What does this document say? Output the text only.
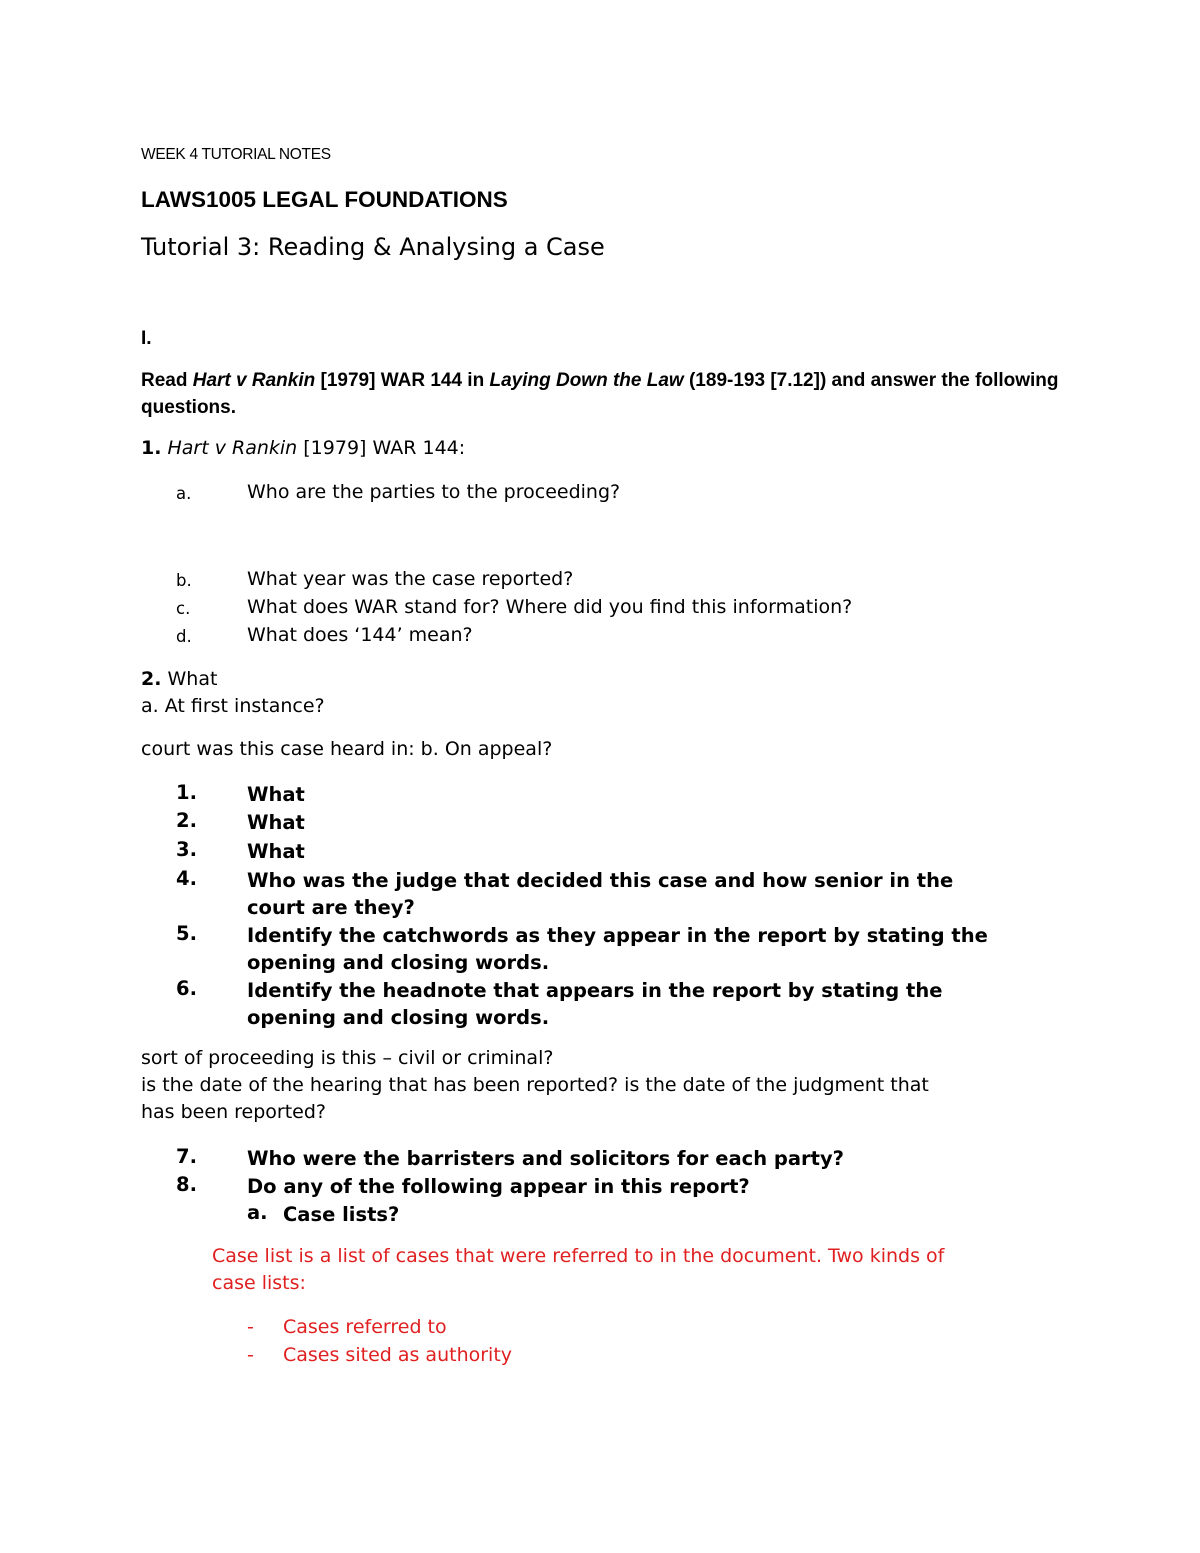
WEEK 4 TUTORIAL NOTES
LAWS1005 LEGAL FOUNDATIONS
Tutorial 3: Reading & Analysing a Case
I.
Read Hart v Rankin [1979] WAR 144 in Laying Down the Law (189-193 [7.12]) and answer the following questions.
1. Hart v Rankin [1979] WAR 144:
a.	Who are the parties to the proceeding?
b.	What year was the case reported?
c.	What does WAR stand for? Where did you find this information?
d.	What does ‘144’ mean?
2. What
a. At first instance?
court was this case heard in: b. On appeal?
1.	What
2.	What
3.	What
4.	Who was the judge that decided this case and how senior in the
court are they?
5.	Identify the catchwords as they appear in the report by stating the
opening and closing words.
6.	Identify the headnote that appears in the report by stating the
opening and closing words.
sort of proceeding is this – civil or criminal?
is the date of the hearing that has been reported? is the date of the judgment that
has been reported?
7.	Who were the barristers and solicitors for each party?
8.	Do any of the following appear in this report?
a. Case lists?
Case list is a list of cases that were referred to in the document. Two kinds of
case lists:
- Cases referred to
- Cases sited as authority
